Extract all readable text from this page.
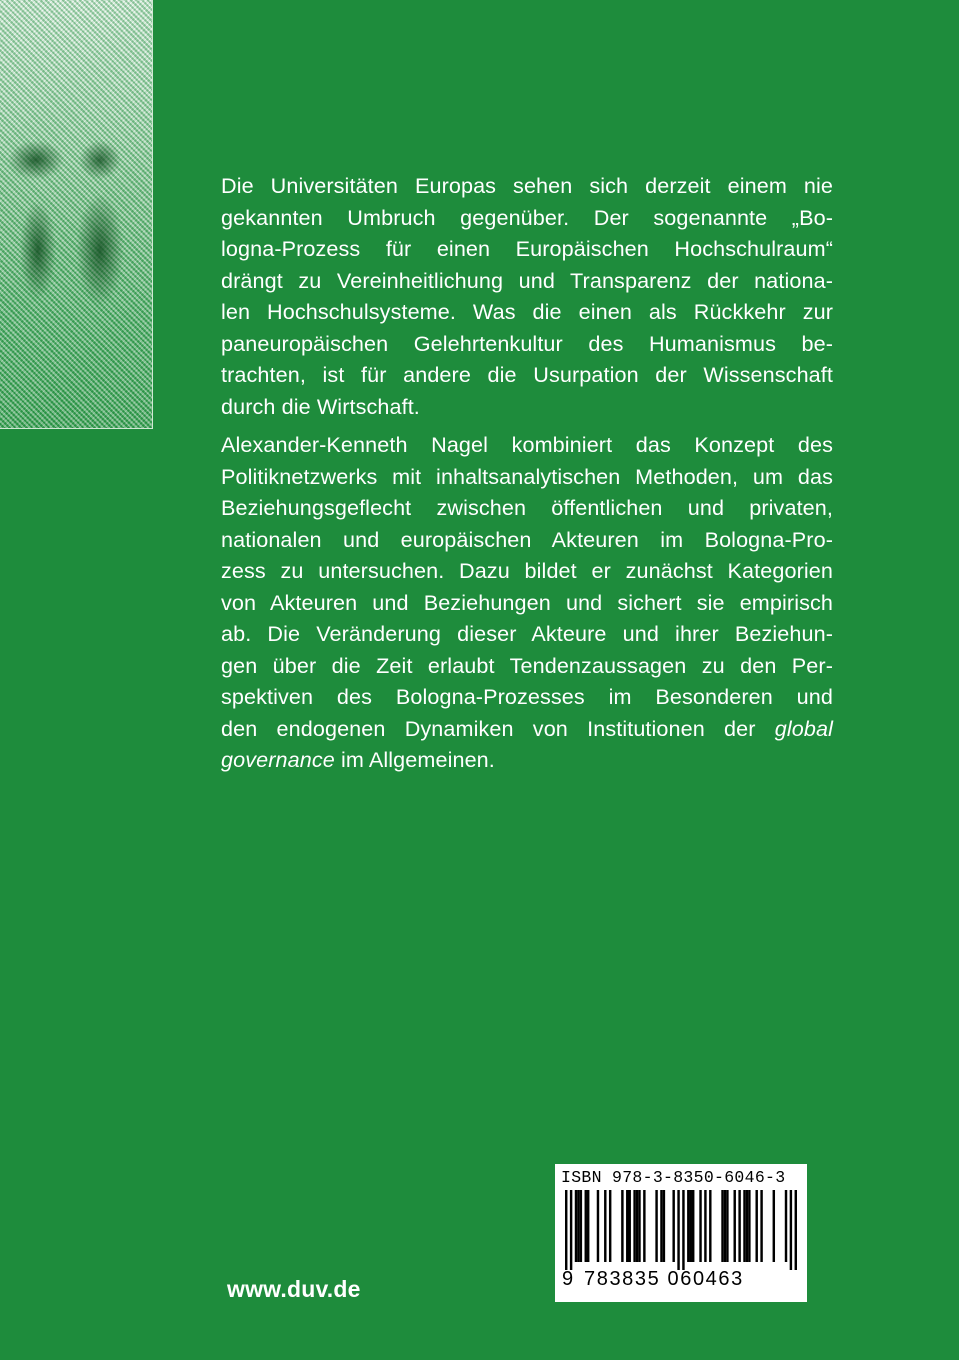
Die Universitäten Europas sehen sich derzeit einem nie
gekannten Umbruch gegenüber. Der sogenannte „Bo-
logna-Prozess für einen Europäischen Hochschulraum“
drängt zu Vereinheitlichung und Transparenz der nationa-
len Hochschulsysteme. Was die einen als Rückkehr zur
paneuropäischen Gelehrtenkultur des Humanismus be-
trachten, ist für andere die Usurpation der Wissenschaft
durch die Wirtschaft.
Alexander-Kenneth Nagel kombiniert das Konzept des
Politiknetzwerks mit inhaltsanalytischen Methoden, um das
Beziehungsgeflecht zwischen öffentlichen und privaten,
nationalen und europäischen Akteuren im Bologna-Pro-
zess zu untersuchen. Dazu bildet er zunächst Kategorien
von Akteuren und Beziehungen und sichert sie empirisch
ab. Die Veränderung dieser Akteure und ihrer Beziehun-
gen über die Zeit erlaubt Tendenzaussagen zu den Per-
spektiven des Bologna-Prozesses im Besonderen und
den endogenen Dynamiken von Institutionen der global
governance im Allgemeinen.
www.duv.de
ISBN 978-3-8350-6046-3
9 783835 060463
